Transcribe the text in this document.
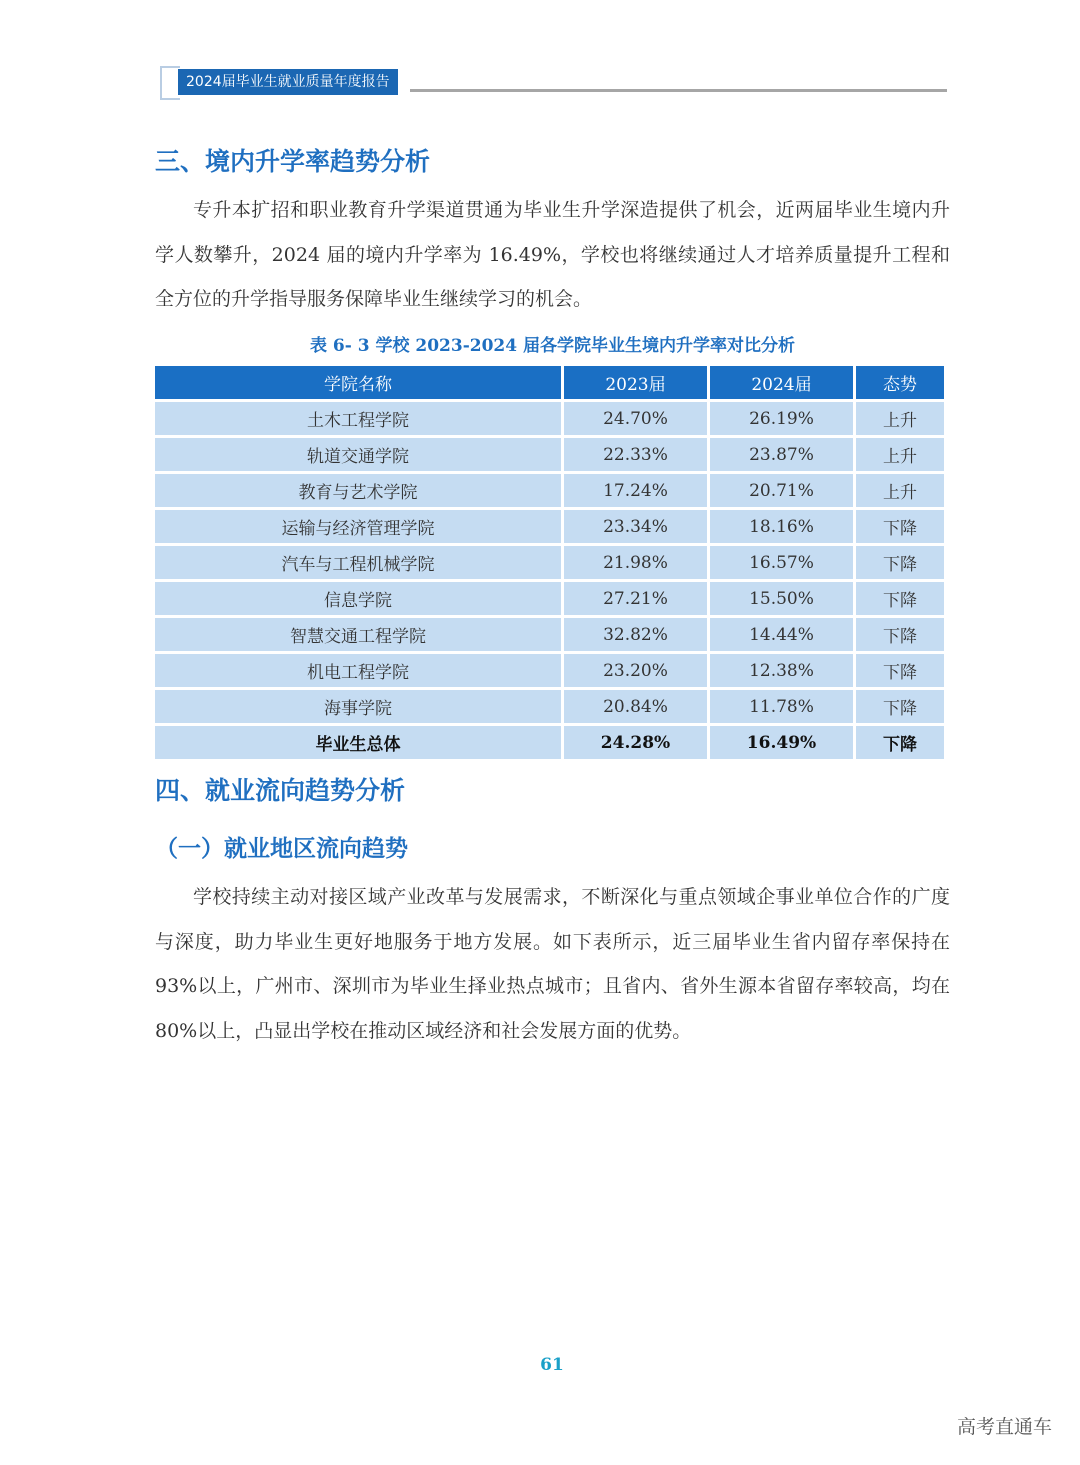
2024届毕业生就业质量年度报告
三、境内升学率趋势分析
专升本扩招和职业教育升学渠道贯通为毕业生升学深造提供了机会，近两届毕业生境内升学人数攀升，2024 届的境内升学率为 16.49%，学校也将继续通过人才培养质量提升工程和全方位的升学指导服务保障毕业生继续学习的机会。
表 6- 3 学校 2023-2024 届各学院毕业生境内升学率对比分析
学院名称	2023届	2024届	态势
土木工程学院	24.70%	26.19%	上升
轨道交通学院	22.33%	23.87%	上升
教育与艺术学院	17.24%	20.71%	上升
运输与经济管理学院	23.34%	18.16%	下降
汽车与工程机械学院	21.98%	16.57%	下降
信息学院	27.21%	15.50%	下降
智慧交通工程学院	32.82%	14.44%	下降
机电工程学院	23.20%	12.38%	下降
海事学院	20.84%	11.78%	下降
毕业生总体	24.28%	16.49%	下降
四、就业流向趋势分析
（一）就业地区流向趋势
学校持续主动对接区域产业改革与发展需求，不断深化与重点领域企事业单位合作的广度与深度，助力毕业生更好地服务于地方发展。如下表所示，近三届毕业生省内留存率保持在 93%以上，广州市、深圳市为毕业生择业热点城市；且省内、省外生源本省留存率较高，均在 80%以上，凸显出学校在推动区域经济和社会发展方面的优势。
61
高考直通车
